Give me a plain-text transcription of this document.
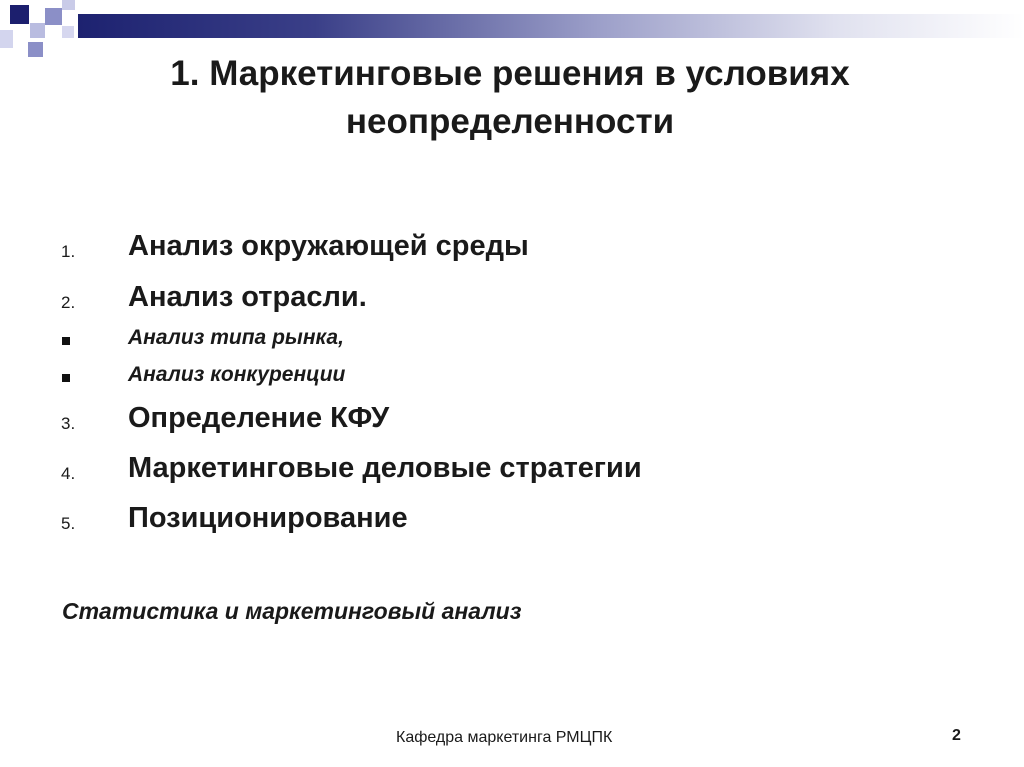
1. Маркетинговые решения в условиях
неопределенности
1. Анализ окружающей среды
2. Анализ отрасли.
Анализ типа рынка,
Анализ конкуренции
3. Определение КФУ
4. Маркетинговые деловые стратегии
5. Позиционирование
Статистика и маркетинговый анализ
Кафедра маркетинга РМЦПК	2
